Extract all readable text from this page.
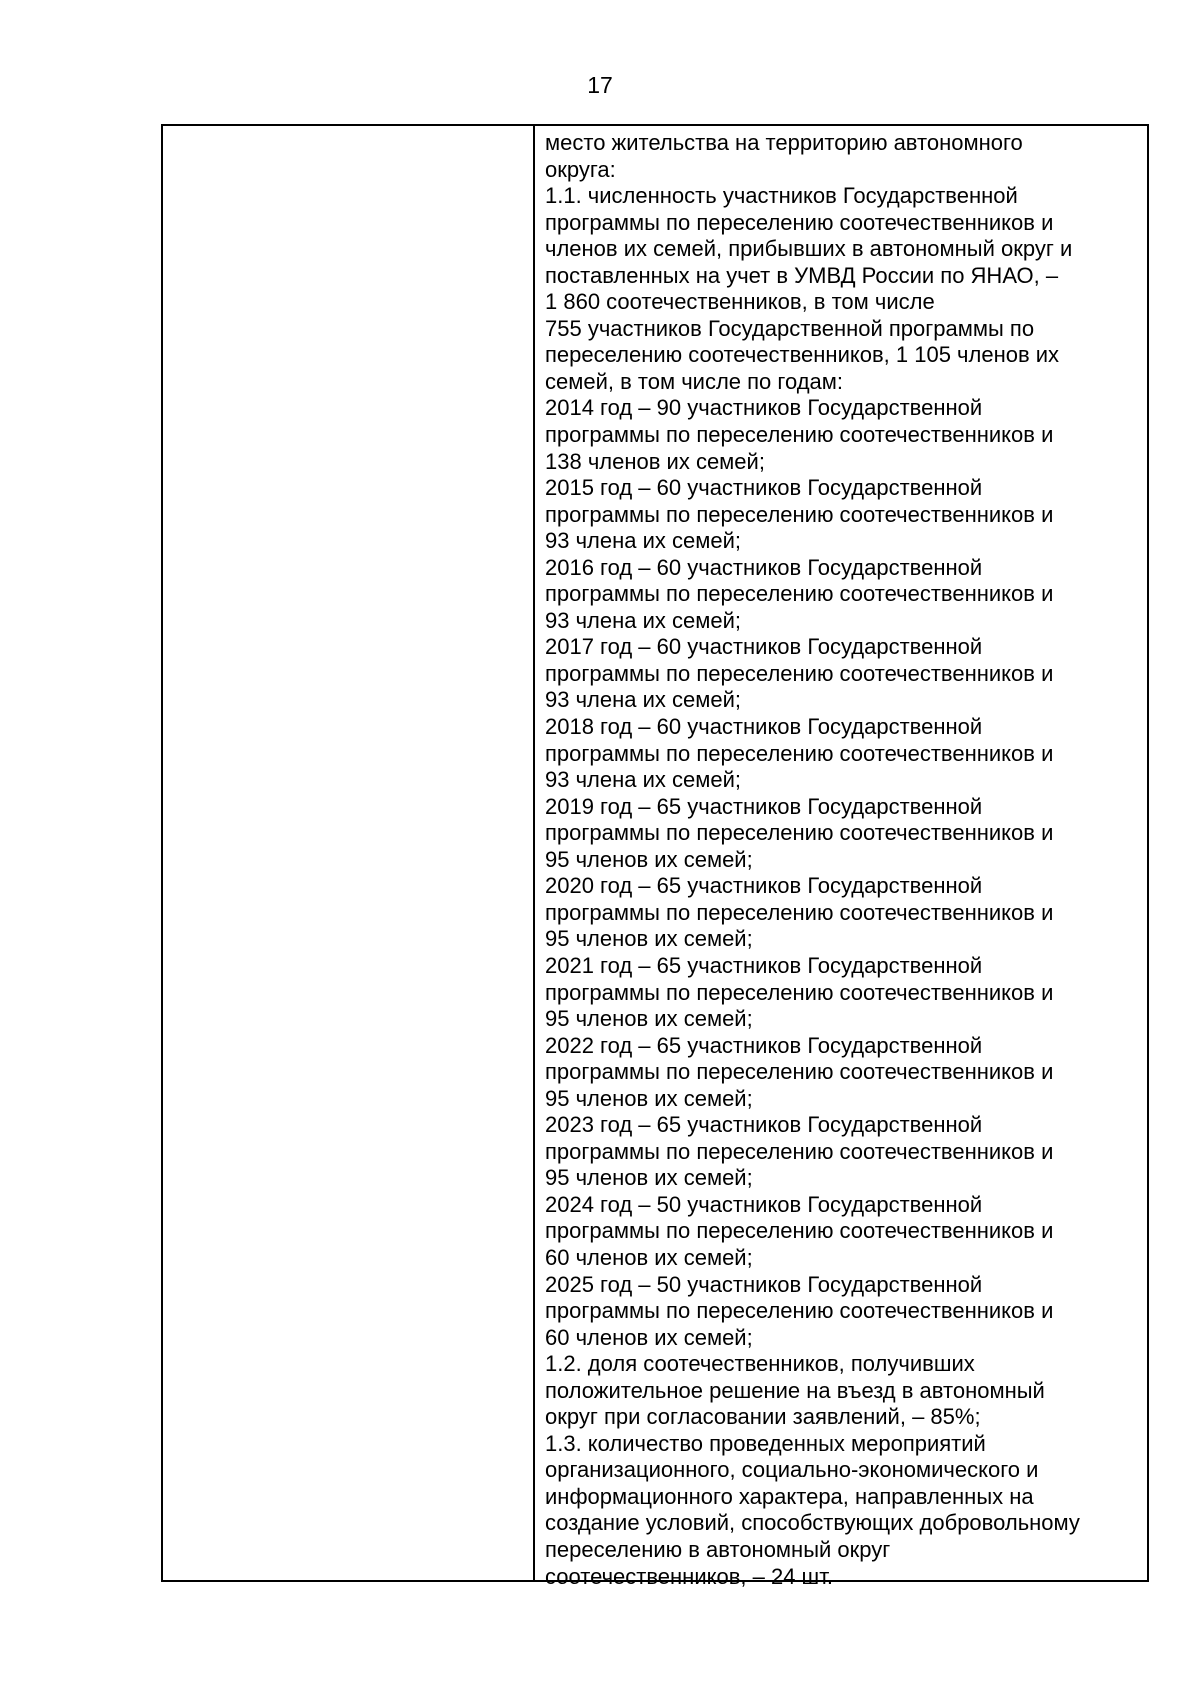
17

место жительства на территорию автономного

округа:

1.1. численность участников Государственной

программы по переселению соотечественников и

членов их семей, прибывших в автономный округ и

поставленных на учет в УМВД России по ЯНАО, –

1 860 соотечественников, в том числе

755 участников Государственной программы по

переселению соотечественников, 1 105 членов их

семей, в том числе по годам:

2014 год – 90 участников Государственной

программы по переселению соотечественников и

138 членов их семей;

2015 год – 60 участников Государственной

программы по переселению соотечественников и

93 члена их семей;

2016 год – 60 участников Государственной

программы по переселению соотечественников и

93 члена их семей;

2017 год – 60 участников Государственной

программы по переселению соотечественников и

93 члена их семей;

2018 год – 60 участников Государственной

программы по переселению соотечественников и

93 члена их семей;

2019 год – 65 участников Государственной

программы по переселению соотечественников и

95 членов их семей;

2020 год – 65 участников Государственной

программы по переселению соотечественников и

95 членов их семей;

2021 год – 65 участников Государственной

программы по переселению соотечественников и

95 членов их семей;

2022 год – 65 участников Государственной

программы по переселению соотечественников и

95 членов их семей;

2023 год – 65 участников Государственной

программы по переселению соотечественников и

95 членов их семей;

2024 год – 50 участников Государственной

программы по переселению соотечественников и

60 членов их семей;

2025 год – 50 участников Государственной

программы по переселению соотечественников и

60 членов их семей;

1.2. доля соотечественников, получивших

положительное решение на въезд в автономный

округ при согласовании заявлений, – 85%;

1.3. количество проведенных мероприятий

организационного, социально-экономического и

информационного характера, направленных на

создание условий, способствующих добровольному

переселению в автономный округ

соотечественников, – 24 шт.
